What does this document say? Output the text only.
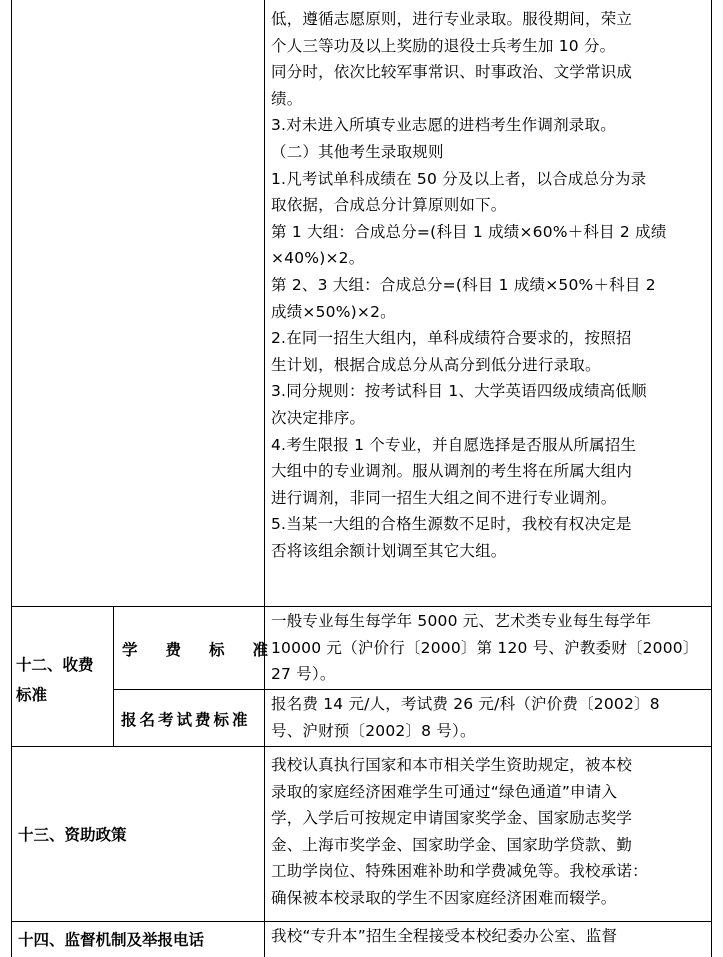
低，遵循志愿原则，进行专业录取。服役期间，荣立
个人三等功及以上奖励的退役士兵考生加 10 分。
同分时，依次比较军事常识、时事政治、文学常识成
绩。
3.对未进入所填专业志愿的进档考生作调剂录取。
（二）其他考生录取规则
1.凡考试单科成绩在 50 分及以上者，以合成总分为录
取依据，合成总分计算原则如下。
第 1 大组：合成总分=(科目 1 成绩×60%＋科目 2 成绩
×40%)×2。
第 2、3 大组：合成总分=(科目 1 成绩×50%＋科目 2
成绩×50%)×2。
2.在同一招生大组内，单科成绩符合要求的，按照招
生计划，根据合成总分从高分到低分进行录取。
3.同分规则：按考试科目 1、大学英语四级成绩高低顺
次决定排序。
4.考生限报 1 个专业，并自愿选择是否服从所属招生
大组中的专业调剂。服从调剂的考生将在所属大组内
进行调剂，非同一招生大组之间不进行专业调剂。
5.当某一大组的合格生源数不足时，我校有权决定是
否将该组余额计划调至其它大组。
十二、收费
标准
学费标准
一般专业每生每学年 5000 元、艺术类专业每生每学年
10000 元（沪价行〔2000〕第 120 号、沪教委财〔2000〕
27 号）。
报名考试费标准
报名费 14 元/人，考试费 26 元/科（沪价费〔2002〕8
号、沪财预〔2002〕8 号）。
十三、资助政策
我校认真执行国家和本市相关学生资助规定，被本校
录取的家庭经济困难学生可通过“绿色通道”申请入
学，入学后可按规定申请国家奖学金、国家励志奖学
金、上海市奖学金、国家助学金、国家助学贷款、勤
工助学岗位、特殊困难补助和学费减免等。我校承诺：
确保被本校录取的学生不因家庭经济困难而辍学。
十四、监督机制及举报电话	我校“专升本”招生全程接受本校纪委办公室、监督
